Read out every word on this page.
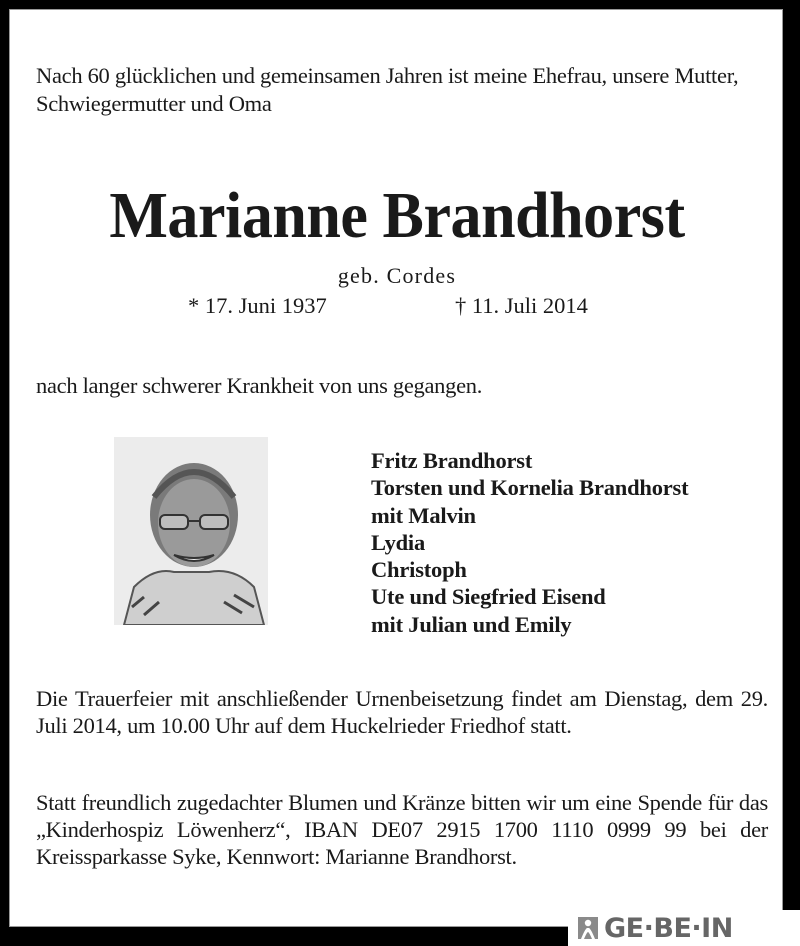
Nach 60 glücklichen und gemeinsamen Jahren ist meine Ehefrau, unsere Mutter, Schwiegermutter und Oma
Marianne Brandhorst
geb. Cordes
* 17. Juni 1937	† 11. Juli 2014
nach langer schwerer Krankheit von uns gegangen.
Fritz Brandhorst
Torsten und Kornelia Brandhorst
mit Malvin
Lydia
Christoph
Ute und Siegfried Eisend
mit Julian und Emily
Die Trauerfeier mit anschließender Urnenbeisetzung findet am Dienstag, dem 29. Juli 2014, um 10.00 Uhr auf dem Huckelrieder Friedhof statt.
Statt freundlich zugedachter Blumen und Kränze bitten wir um eine Spende für das „Kinderhospiz Löwenherz“, IBAN DE07 2915 1700 1110 0999 99 bei der Kreissparkasse Syke, Kennwort: Marianne Brandhorst.
GE·BE·IN
